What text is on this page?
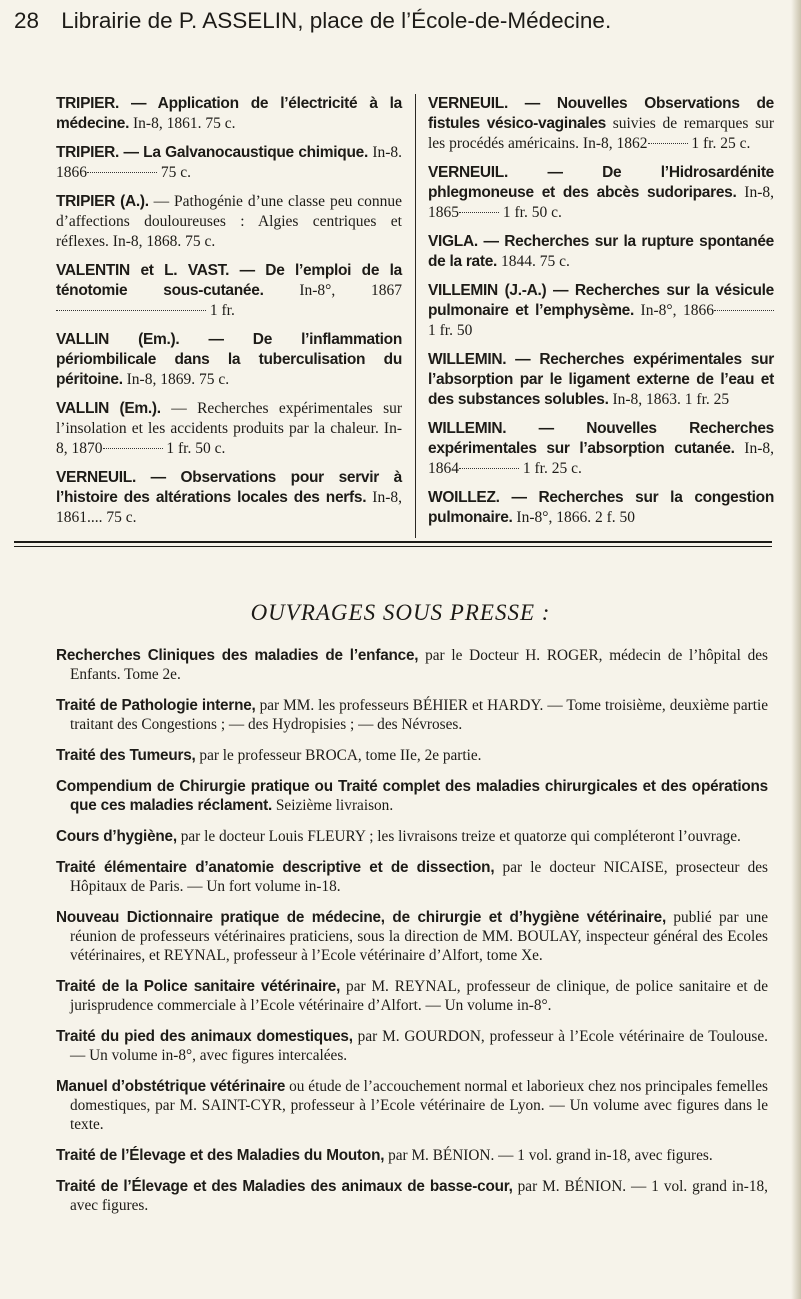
28 Librairie de P. ASSELIN, place de l’École-de-Médecine.

TRIPIER. — Application de l’électricité à la médecine. In-8, 1861. 75 c.

TRIPIER. — La Galvanocaustique chimique. In-8. 1866	75 c.

TRIPIER (A.). — Pathogénie d’une classe peu connue d’affections douloureuses : Algies centriques et réflexes. In-8, 1868. 75 c.

VALENTIN et L. VAST. — De l’emploi de la ténotomie sous-cutanée. In-8°, 1867 1 fr.

VALLIN (Em.). — De l’inflammation périombilicale dans la tuberculisation du péritoine. In-8, 1869. 75 c.

VALLIN (Em.). — Recherches expérimentales sur l’insolation et les accidents produits par la chaleur. In-8, 1870	1 fr. 50 c.

VERNEUIL. — Observations pour servir à l’histoire des altérations locales des nerfs. In-8, 1861.... 75 c.

VERNEUIL. — Nouvelles Observations de fistules vésico-vaginales suivies de remarques sur les procédés américains. In-8, 1862	1 fr. 25 c.

VERNEUIL. — De l’Hidrosardénite phlegmoneuse et des abcès sudoripares. In-8, 1865	1 fr. 50 c.

VIGLA. — Recherches sur la rupture spontanée de la rate. 1844. 75 c.

VILLEMIN (J.-A.) — Recherches sur la vésicule pulmonaire et l’emphysème. In-8°, 1866 1 fr. 50

WILLEMIN. — Recherches expérimentales sur l’absorption par le ligament externe de l’eau et des substances solubles. In-8, 1863. 1 fr. 25

WILLEMIN. — Nouvelles Recherches expérimentales sur l’absorption cutanée. In-8, 1864	1 fr. 25 c.

WOILLEZ. — Recherches sur la congestion pulmonaire. In-8°, 1866. 2 f. 50

OUVRAGES SOUS PRESSE :

Recherches Cliniques des maladies de l’enfance, par le Docteur H. ROGER, médecin de l’hôpital des Enfants. Tome 2e.

Traité de Pathologie interne, par MM. les professeurs BÉHIER et HARDY. — Tome troisième, deuxième partie traitant des Congestions ; — des Hydropisies ; — des Névroses.

Traité des Tumeurs, par le professeur BROCA, tome IIe, 2e partie.

Compendium de Chirurgie pratique ou Traité complet des maladies chirurgicales et des opérations que ces maladies réclament. Seizième livraison.

Cours d’hygiène, par le docteur Louis FLEURY ; les livraisons treize et quatorze qui compléteront l’ouvrage.

Traité élémentaire d’anatomie descriptive et de dissection, par le docteur NICAISE, prosecteur des Hôpitaux de Paris. — Un fort volume in-18.

Nouveau Dictionnaire pratique de médecine, de chirurgie et d’hygiène vétérinaire, publié par une réunion de professeurs vétérinaires praticiens, sous la direction de MM. BOULAY, inspecteur général des Ecoles vétérinaires, et REYNAL, professeur à l’Ecole vétérinaire d’Alfort, tome Xe.

Traité de la Police sanitaire vétérinaire, par M. REYNAL, professeur de clinique, de police sanitaire et de jurisprudence commerciale à l’Ecole vétérinaire d’Alfort. — Un volume in-8°.

Traité du pied des animaux domestiques, par M. GOURDON, professeur à l’Ecole vétérinaire de Toulouse. — Un volume in-8°, avec figures intercalées.

Manuel d’obstétrique vétérinaire ou étude de l’accouchement normal et laborieux chez nos principales femelles domestiques, par M. SAINT-CYR, professeur à l’Ecole vétérinaire de Lyon. — Un volume avec figures dans le texte.

Traité de l’Élevage et des Maladies du Mouton, par M. BÉNION. — 1 vol. grand in-18, avec figures.

Traité de l’Élevage et des Maladies des animaux de basse-cour, par M. BÉNION. — 1 vol. grand in-18, avec figures.
